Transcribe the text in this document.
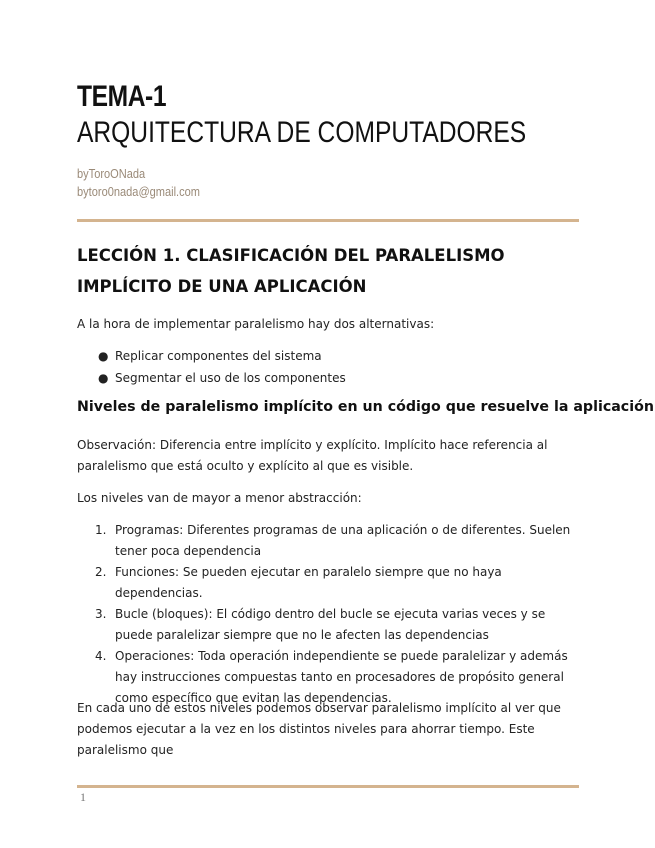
TEMA-1
ARQUITECTURA DE COMPUTADORES

byToroONada

bytoro0nada@gmail.com

LECCIÓN 1. CLASIFICACIÓN DEL PARALELISMO IMPLÍCITO DE UNA APLICACIÓN

A la hora de implementar paralelismo hay dos alternativas:

● Replicar componentes del sistema
● Segmentar el uso de los componentes
Niveles de paralelismo implícito en un código que resuelve la aplicación

Observación: Diferencia entre implícito y explícito. Implícito hace referencia al paralelismo que está oculto y explícito al que es visible.

Los niveles van de mayor a menor abstracción:

1. Programas: Diferentes programas de una aplicación o de diferentes. Suelen tener poca dependencia
2. Funciones: Se pueden ejecutar en paralelo siempre que no haya dependencias.
3. Bucle (bloques): El código dentro del bucle se ejecuta varias veces y se puede paralelizar siempre que no le afecten las dependencias
4. Operaciones: Toda operación independiente se puede paralelizar y además hay instrucciones compuestas tanto en procesadores de propósito general como específico que evitan las dependencias.

En cada uno de estos niveles podemos observar paralelismo implícito al ver que podemos ejecutar a la vez en los distintos niveles para ahorrar tiempo. Este paralelismo que

1
